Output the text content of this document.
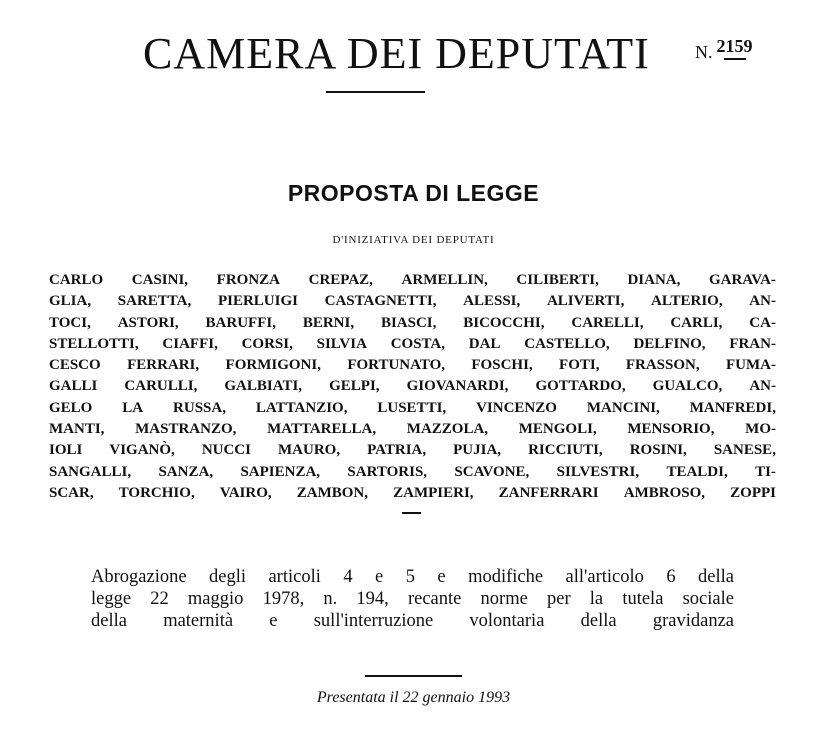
CAMERA DEI DEPUTATI	N. 2159
PROPOSTA DI LEGGE
D'INIZIATIVA DEI DEPUTATI
CARLO CASINI, FRONZA CREPAZ, ARMELLIN, CILIBERTI, DIANA, GARAVA-
GLIA, SARETTA, PIERLUIGI CASTAGNETTI, ALESSI, ALIVERTI, ALTERIO, AN-
TOCI, ASTORI, BARUFFI, BERNI, BIASCI, BICOCCHI, CARELLI, CARLI, CA-
STELLOTTI, CIAFFI, CORSI, SILVIA COSTA, DAL CASTELLO, DELFINO, FRAN-
CESCO FERRARI, FORMIGONI, FORTUNATO, FOSCHI, FOTI, FRASSON, FUMA-
GALLI CARULLI, GALBIATI, GELPI, GIOVANARDI, GOTTARDO, GUALCO, AN-
GELO LA RUSSA, LATTANZIO, LUSETTI, VINCENZO MANCINI, MANFREDI,
MANTI, MASTRANZO, MATTARELLA, MAZZOLA, MENGOLI, MENSORIO, MO-
IOLI VIGANÒ, NUCCI MAURO, PATRIA, PUJIA, RICCIUTI, ROSINI, SANESE,
SANGALLI, SANZA, SAPIENZA, SARTORIS, SCAVONE, SILVESTRI, TEALDI, TI-
SCAR, TORCHIO, VAIRO, ZAMBON, ZAMPIERI, ZANFERRARI AMBROSO, ZOPPI
Abrogazione degli articoli 4 e 5 e modifiche all'articolo 6 della
legge 22 maggio 1978, n. 194, recante norme per la tutela sociale
della maternità e sull'interruzione volontaria della gravidanza
Presentata il 22 gennaio 1993
